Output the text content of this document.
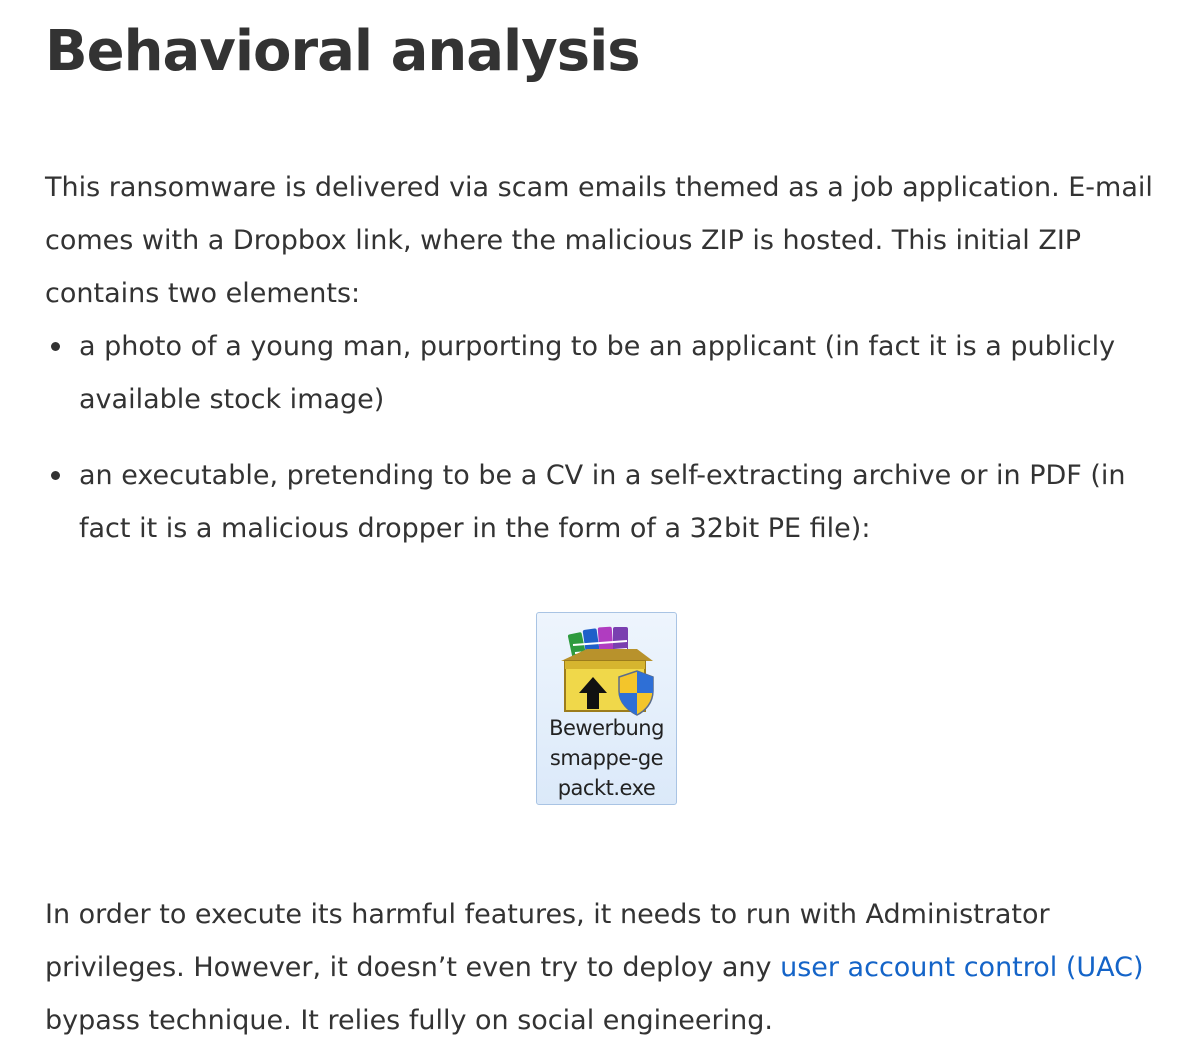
Behavioral analysis

This ransomware is delivered via scam emails themed as a job application. E-mail comes with a Dropbox link, where the malicious ZIP is hosted. This initial ZIP contains two elements:

a photo of a young man, purporting to be an applicant (in fact it is a publicly available stock image)
an executable, pretending to be a CV in a self-extracting archive or in PDF (in fact it is a malicious dropper in the form of a 32bit PE file):

In order to execute its harmful features, it needs to run with Administrator privileges. However, it doesn’t even try to deploy any user account control (UAC) bypass technique. It relies fully on social engineering.

Bewerbung
smappe-ge
packt.exe
